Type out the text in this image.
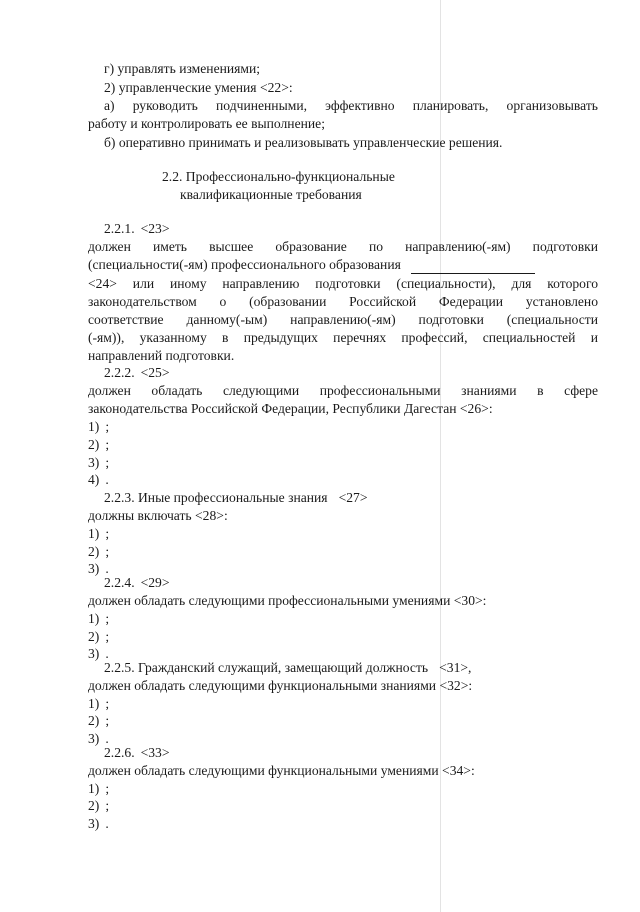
г) управлять изменениями;
2) управленческие умения <22>:
а) руководить подчиненными, эффективно планировать, организовывать
работу и контролировать ее выполнение;
б) оперативно принимать и реализовывать управленческие решения.
2.2. Профессионально-функциональные
квалификационные требования
2.2.1. <23>
должен иметь высшее образование по направлению(-ям) подготовки
(специальности(-ям) профессионального образования
<24> или иному направлению подготовки (специальности), для которого
законодательством о (образовании Российской Федерации установлено
соответствие данному(-ым) направлению(-ям) подготовки (специальности
(-ям)), указанному в предыдущих перечнях профессий, специальностей и
направлений подготовки.
2.2.2. <25>
должен обладать следующими профессиональными знаниями в сфере
законодательства Российской Федерации, Республики Дагестан <26>:
1) ;
2) ;
3) ;
4) .
2.2.3. Иные профессиональные знания <27>
должны включать <28>:
1) ;
2) ;
3) .
2.2.4. <29>
должен обладать следующими профессиональными умениями <30>:
1) ;
2) ;
3) .
2.2.5. Гражданский служащий, замещающий должность <31>,
должен обладать следующими функциональными знаниями <32>:
1) ;
2) ;
3) .
2.2.6. <33>
должен обладать следующими функциональными умениями <34>:
1) ;
2) ;
3) .
